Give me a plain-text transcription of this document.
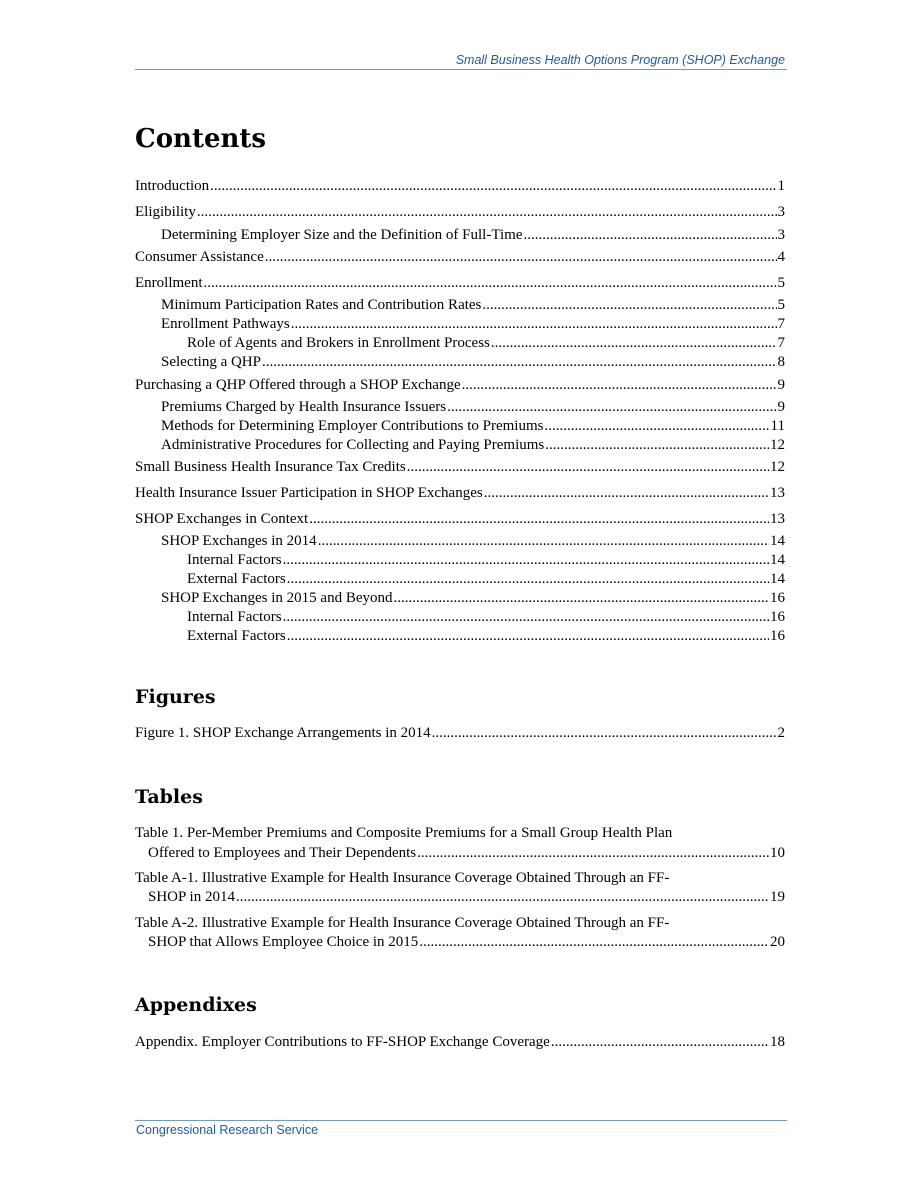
Small Business Health Options Program (SHOP) Exchange
Contents
Introduction .....	1
Eligibility .....	3
Determining Employer Size and the Definition of Full-Time .....	3
Consumer Assistance .....	4
Enrollment .....	5
Minimum Participation Rates and Contribution Rates .....	5
Enrollment Pathways .....	7
Role of Agents and Brokers in Enrollment Process .....	7
Selecting a QHP .....	8
Purchasing a QHP Offered through a SHOP Exchange .....	9
Premiums Charged by Health Insurance Issuers .....	9
Methods for Determining Employer Contributions to Premiums .....	11
Administrative Procedures for Collecting and Paying Premiums .....	12
Small Business Health Insurance Tax Credits .....	12
Health Insurance Issuer Participation in SHOP Exchanges .....	13
SHOP Exchanges in Context .....	13
SHOP Exchanges in 2014 .....	14
Internal Factors .....	14
External Factors .....	14
SHOP Exchanges in 2015 and Beyond .....	16
Internal Factors .....	16
External Factors .....	16
Figures
Figure 1. SHOP Exchange Arrangements in 2014 .....	2
Tables
Table 1. Per-Member Premiums and Composite Premiums for a Small Group Health Plan
Offered to Employees and Their Dependents .....	10
Table A-1. Illustrative Example for Health Insurance Coverage Obtained Through an FF-
SHOP in 2014 .....	19
Table A-2. Illustrative Example for Health Insurance Coverage Obtained Through an FF-
SHOP that Allows Employee Choice in 2015 .....	20
Appendixes
Appendix. Employer Contributions to FF-SHOP Exchange Coverage .....	18
Congressional Research Service
